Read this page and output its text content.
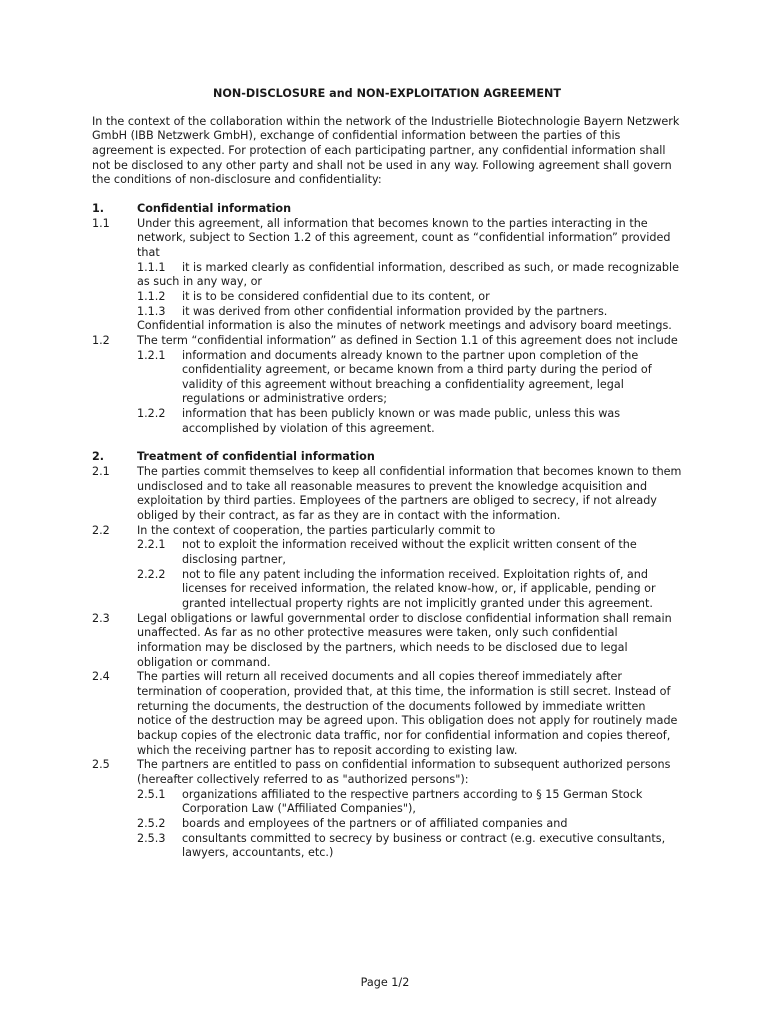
NON-DISCLOSURE and NON-EXPLOITATION AGREEMENT
In the context of the collaboration within the network of the Industrielle Biotechnologie Bayern Netzwerk GmbH (IBB Netzwerk GmbH), exchange of confidential information between the parties of this agreement is expected. For protection of each participating partner, any confidential information shall not be disclosed to any other party and shall not be used in any way. Following agreement shall govern the conditions of non-disclosure and confidentiality:
1.	Confidential information
1.1	Under this agreement, all information that becomes known to the parties interacting in the network, subject to Section 1.2 of this agreement, count as “confidential information” provided that
1.1.1 it is marked clearly as confidential information, described as such, or made recognizable as such in any way, or
1.1.2 it is to be considered confidential due to its content, or
1.1.3 it was derived from other confidential information provided by the partners.
Confidential information is also the minutes of network meetings and advisory board meetings.
1.2	The term “confidential information” as defined in Section 1.1 of this agreement does not include
1.2.1	information and documents already known to the partner upon completion of the confidentiality agreement, or became known from a third party during the period of validity of this agreement without breaching a confidentiality agreement, legal regulations or administrative orders;
1.2.2	information that has been publicly known or was made public, unless this was accomplished by violation of this agreement.
2.	Treatment of confidential information
2.1	The parties commit themselves to keep all confidential information that becomes known to them undisclosed and to take all reasonable measures to prevent the knowledge acquisition and exploitation by third parties. Employees of the partners are obliged to secrecy, if not already obliged by their contract, as far as they are in contact with the information.
2.2	In the context of cooperation, the parties particularly commit to
2.2.1	not to exploit the information received without the explicit written consent of the disclosing partner,
2.2.2	not to file any patent including the information received. Exploitation rights of, and licenses for received information, the related know-how, or, if applicable, pending or granted intellectual property rights are not implicitly granted under this agreement.
2.3	Legal obligations or lawful governmental order to disclose confidential information shall remain unaffected. As far as no other protective measures were taken, only such confidential information may be disclosed by the partners, which needs to be disclosed due to legal obligation or command.
2.4	The parties will return all received documents and all copies thereof immediately after termination of cooperation, provided that, at this time, the information is still secret. Instead of returning the documents, the destruction of the documents followed by immediate written notice of the destruction may be agreed upon. This obligation does not apply for routinely made backup copies of the electronic data traffic, nor for confidential information and copies thereof, which the receiving partner has to reposit according to existing law.
2.5	The partners are entitled to pass on confidential information to subsequent authorized persons (hereafter collectively referred to as "authorized persons"):
2.5.1	organizations affiliated to the respective partners according to § 15 German Stock Corporation Law ("Affiliated Companies"),
2.5.2	boards and employees of the partners or of affiliated companies and
2.5.3	consultants committed to secrecy by business or contract (e.g. executive consultants, lawyers, accountants, etc.)
Page 1/2
